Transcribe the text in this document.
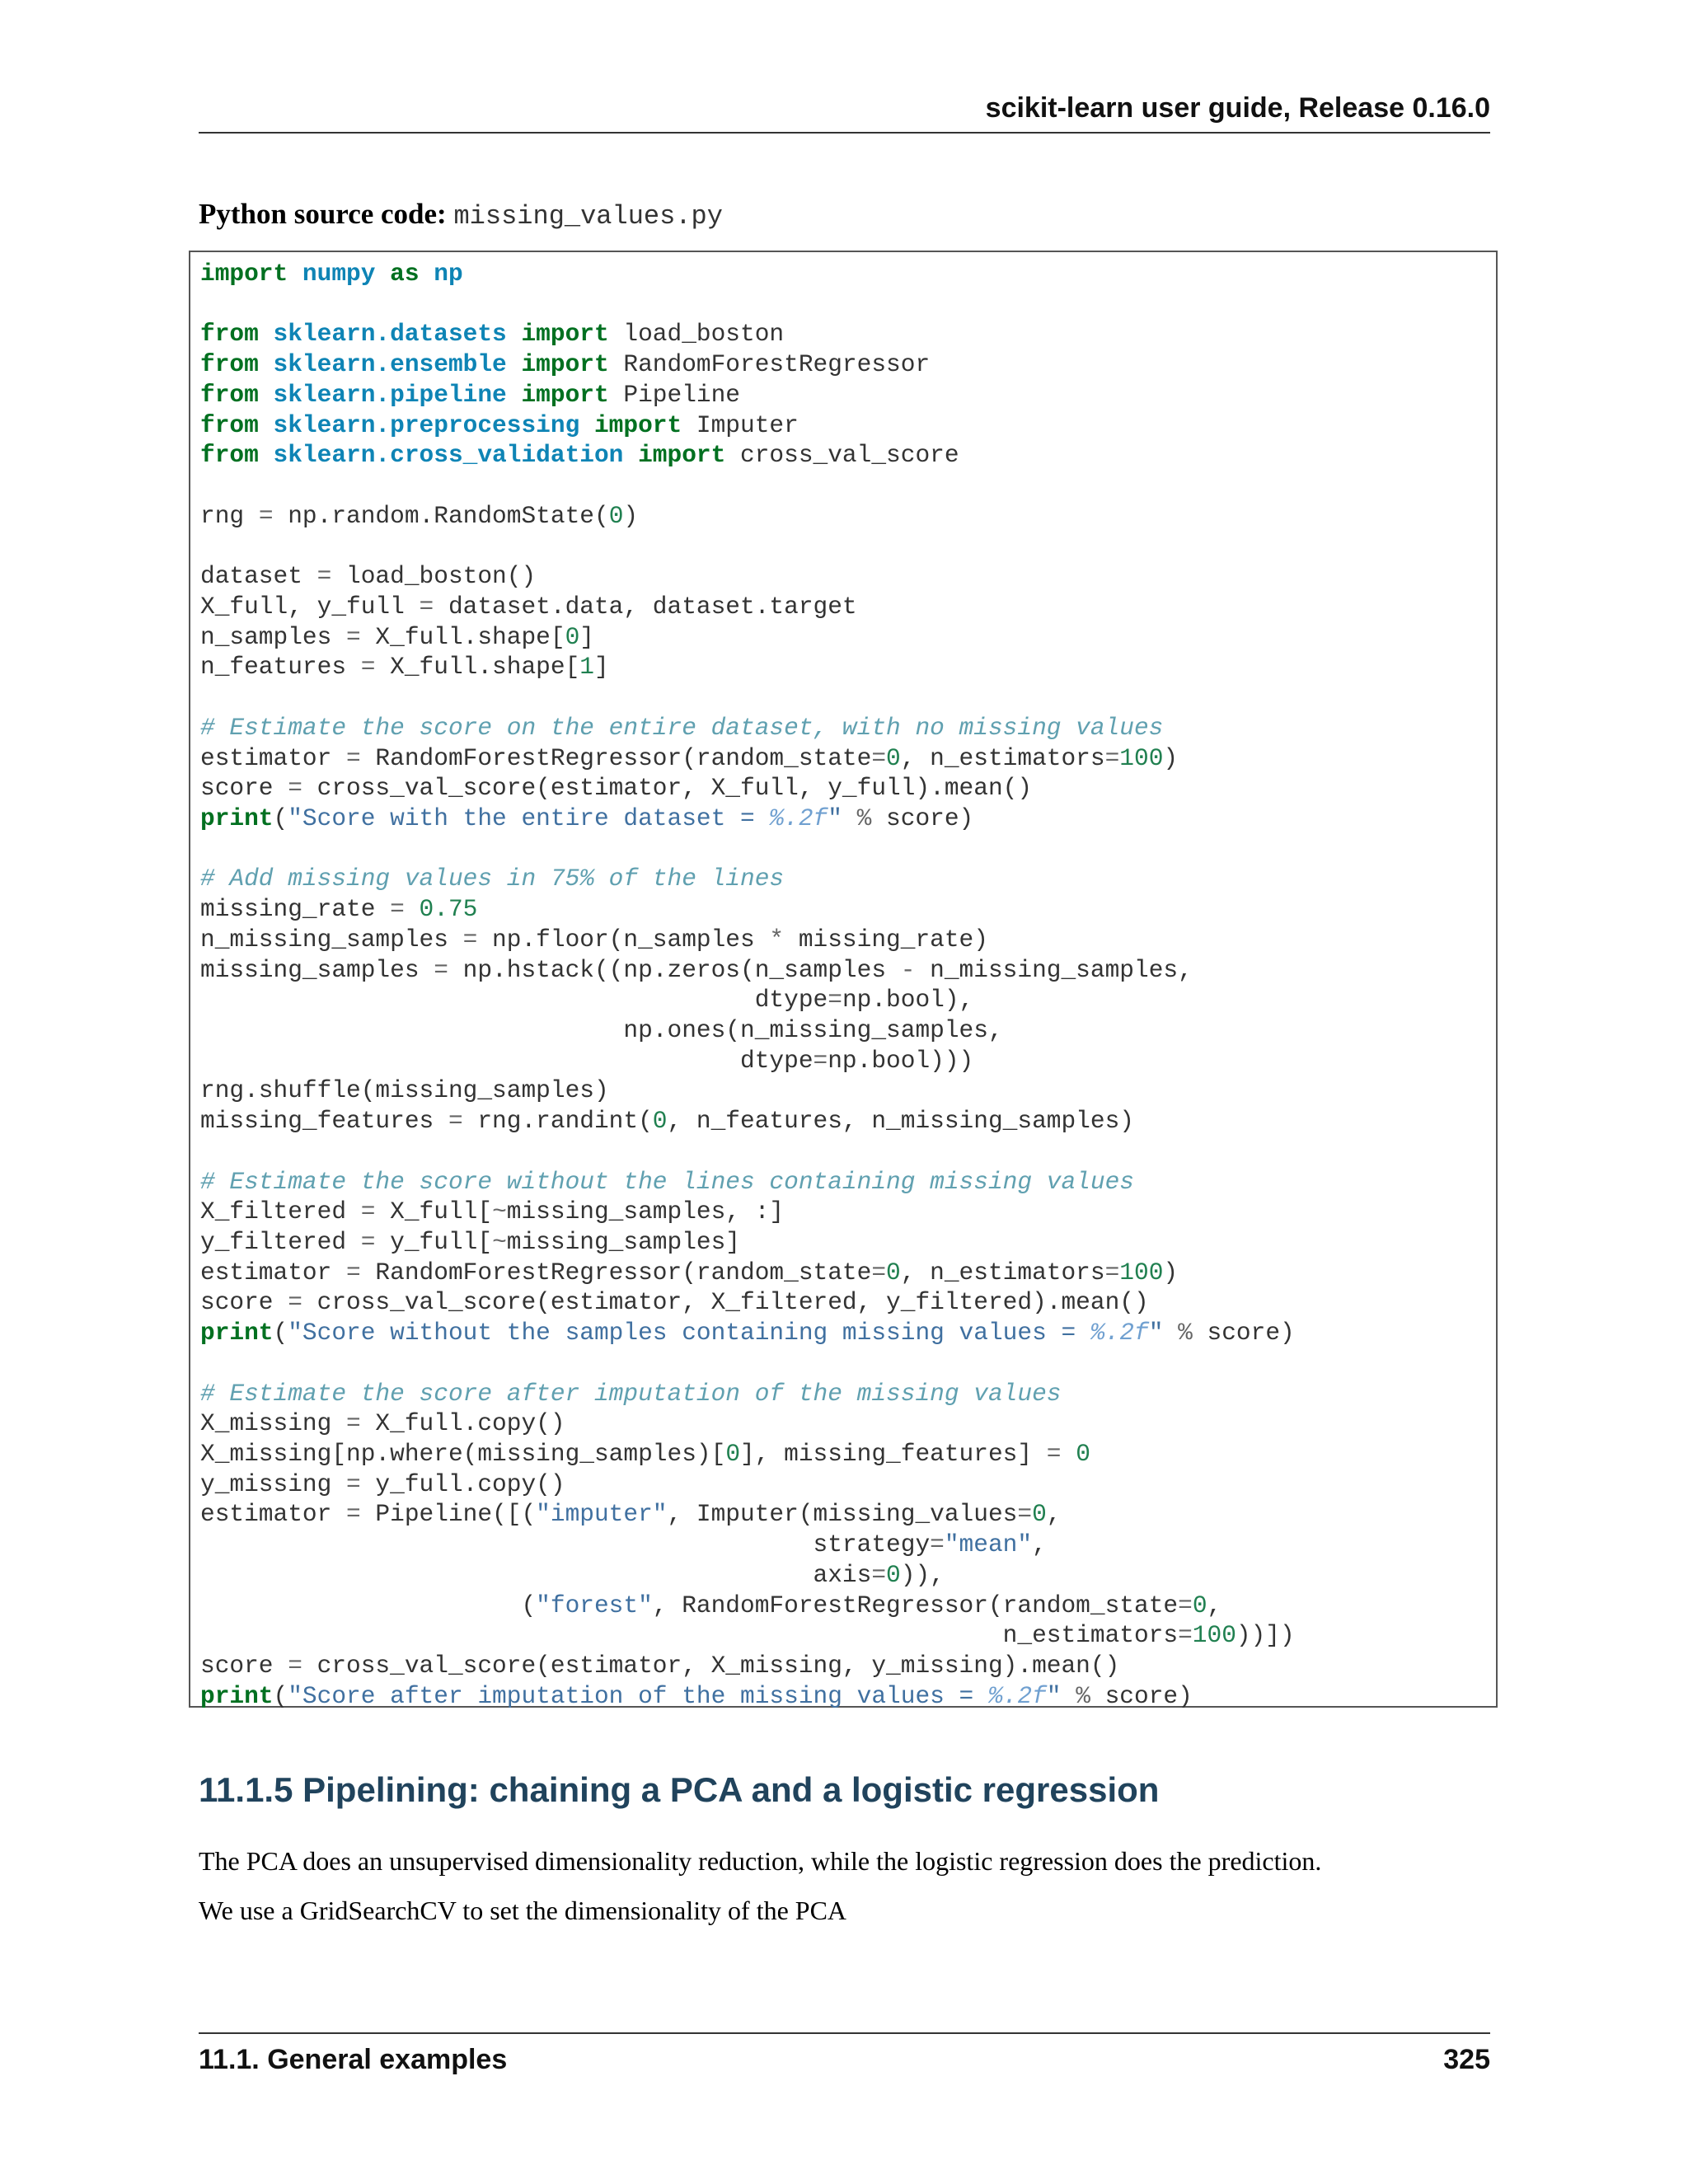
scikit-learn user guide, Release 0.16.0
Python source code: missing_values.py
import numpy as np

from sklearn.datasets import load_boston
from sklearn.ensemble import RandomForestRegressor
from sklearn.pipeline import Pipeline
from sklearn.preprocessing import Imputer
from sklearn.cross_validation import cross_val_score

rng = np.random.RandomState(0)

dataset = load_boston()
X_full, y_full = dataset.data, dataset.target
n_samples = X_full.shape[0]
n_features = X_full.shape[1]

# Estimate the score on the entire dataset, with no missing values
estimator = RandomForestRegressor(random_state=0, n_estimators=100)
score = cross_val_score(estimator, X_full, y_full).mean()
print("Score with the entire dataset = %.2f" % score)

# Add missing values in 75% of the lines
missing_rate = 0.75
n_missing_samples = np.floor(n_samples * missing_rate)
missing_samples = np.hstack((np.zeros(n_samples - n_missing_samples,
dtype=np.bool),
np.ones(n_missing_samples,
dtype=np.bool)))
rng.shuffle(missing_samples)
missing_features = rng.randint(0, n_features, n_missing_samples)

# Estimate the score without the lines containing missing values
X_filtered = X_full[~missing_samples, :]
y_filtered = y_full[~missing_samples]
estimator = RandomForestRegressor(random_state=0, n_estimators=100)
score = cross_val_score(estimator, X_filtered, y_filtered).mean()
print("Score without the samples containing missing values = %.2f" % score)

# Estimate the score after imputation of the missing values
X_missing = X_full.copy()
X_missing[np.where(missing_samples)[0], missing_features] = 0
y_missing = y_full.copy()
estimator = Pipeline([("imputer", Imputer(missing_values=0,
strategy="mean",
axis=0)),
("forest", RandomForestRegressor(random_state=0,
n_estimators=100))])
score = cross_val_score(estimator, X_missing, y_missing).mean()
print("Score after imputation of the missing values = %.2f" % score)
11.1.5 Pipelining: chaining a PCA and a logistic regression
The PCA does an unsupervised dimensionality reduction, while the logistic regression does the prediction.
We use a GridSearchCV to set the dimensionality of the PCA
11.1. General examples	325
